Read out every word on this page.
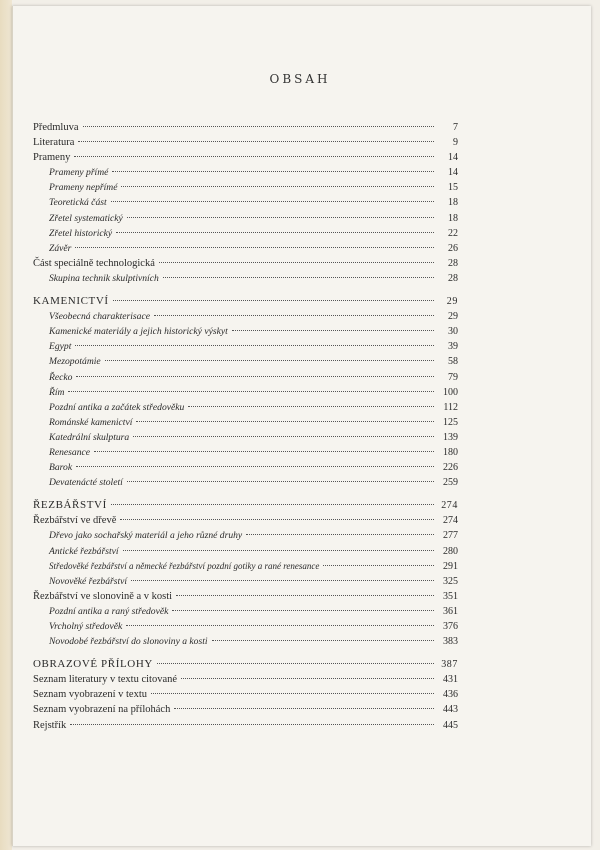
OBSAH
Předmluva	7
Literatura	9
Prameny	14
Prameny přímé	14
Prameny nepřímé	15
Teoretická část	18
Zřetel systematický	18
Zřetel historický	22
Závěr	26
Část speciálně technologická	28
Skupina technik skulptivních	28
KAMENICTVÍ	29
Všeobecná charakterisace	29
Kamenické materiály a jejich historický výskyt	30
Egypt	39
Mezopotámie	58
Řecko	79
Řím	100
Pozdní antika a začátek středověku	112
Románské kamenictví	125
Katedrální skulptura	139
Renesance	180
Barok	226
Devatenácté století	259
ŘEZBÁŘSTVÍ	274
Řezbářství ve dřevě	274
Dřevo jako sochařský materiál a jeho různé druhy	277
Antické řezbářství	280
Středověké řezbářství a německé řezbářství pozdní gotiky a rané renesance	291
Novověké řezbářství	325
Řezbářství ve slonovině a v kosti	351
Pozdní antika a raný středověk	361
Vrcholný středověk	376
Novodobé řezbářství do slonoviny a kosti	383
OBRAZOVÉ PŘÍLOHY	387
Seznam literatury v textu citované	431
Seznam vyobrazení v textu	436
Seznam vyobrazení na přílohách	443
Rejstřík	445
